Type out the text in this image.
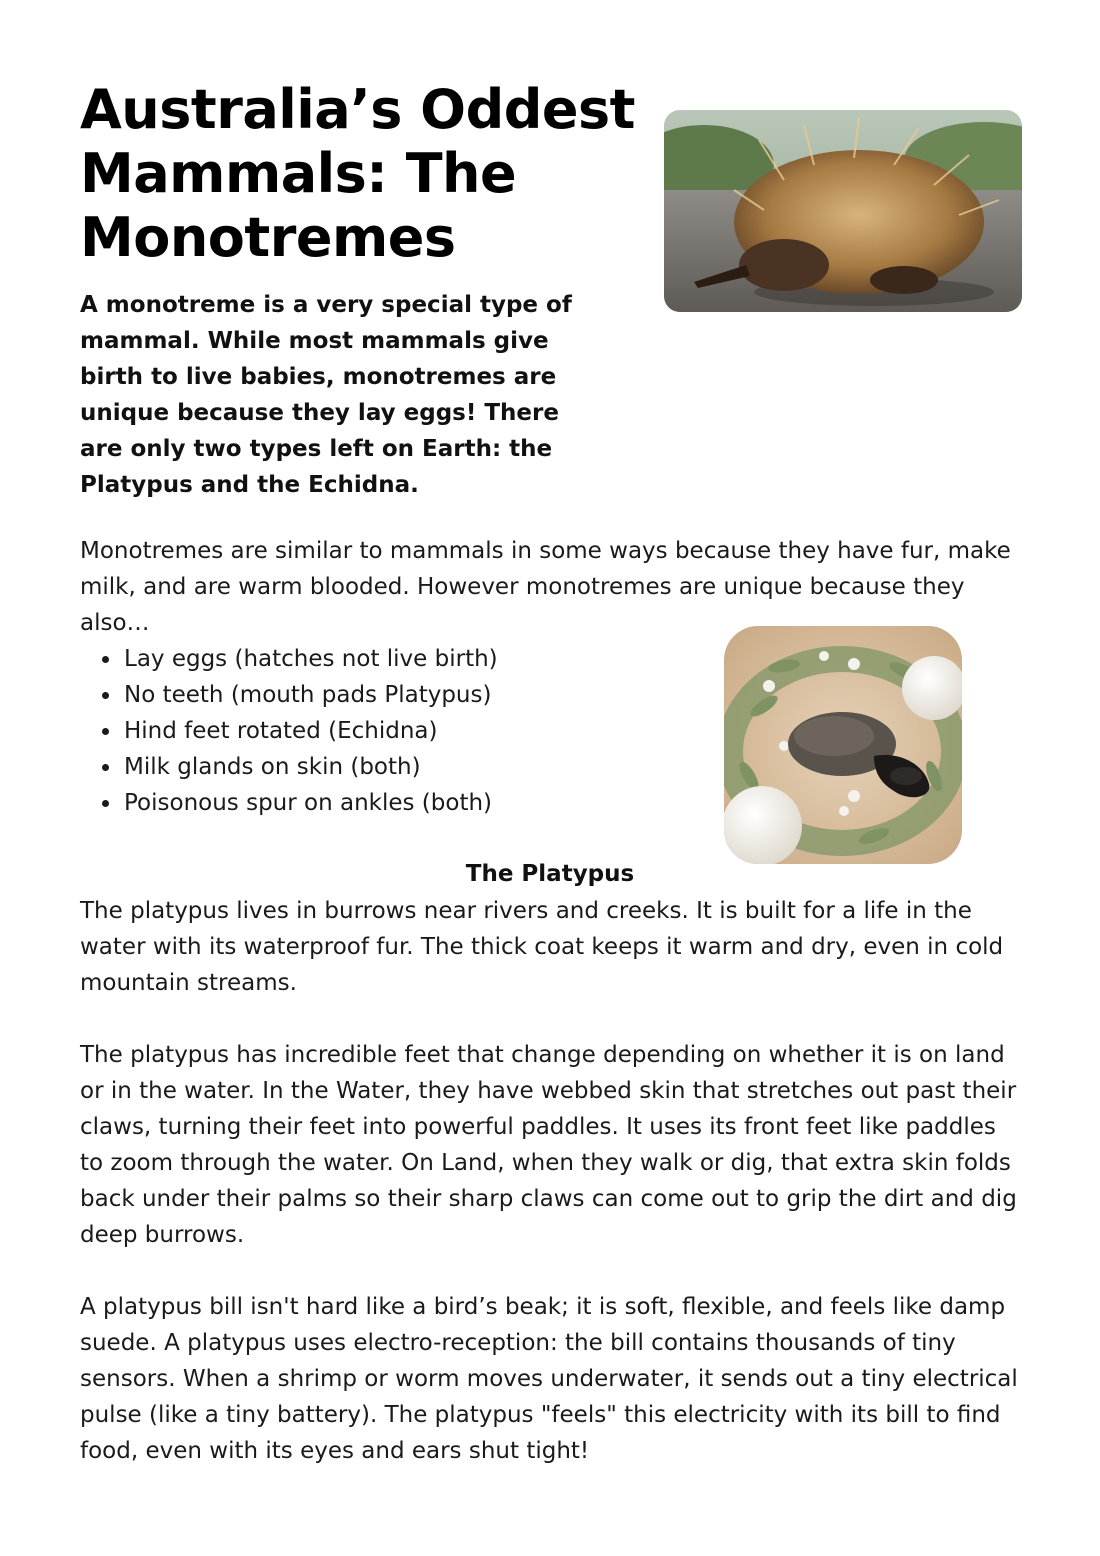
Australia’s Oddest Mammals: The Monotremes

A monotreme is a very special type of mammal. While most mammals give birth to live babies, monotremes are unique because they lay eggs! There are only two types left on Earth: the Platypus and the Echidna.

Monotremes are similar to mammals in some ways because they have fur, make milk, and are warm blooded. However monotremes are unique because they also…

Lay eggs (hatches not live birth)
No teeth (mouth pads Platypus)
Hind feet rotated (Echidna)
Milk glands on skin (both)
Poisonous spur on ankles (both)
The Platypus

The platypus lives in burrows near rivers and creeks. It is built for a life in the water with its waterproof fur. The thick coat keeps it warm and dry, even in cold mountain streams.

The platypus has incredible feet that change depending on whether it is on land or in the water. In the Water, they have webbed skin that stretches out past their claws, turning their feet into powerful paddles. It uses its front feet like paddles to zoom through the water. On Land, when they walk or dig, that extra skin folds back under their palms so their sharp claws can come out to grip the dirt and dig deep burrows.

A platypus bill isn't hard like a bird’s beak; it is soft, flexible, and feels like damp suede. A platypus uses electro-reception: the bill contains thousands of tiny sensors. When a shrimp or worm moves underwater, it sends out a tiny electrical pulse (like a tiny battery). The platypus "feels" this electricity with its bill to find food, even with its eyes and ears shut tight!
